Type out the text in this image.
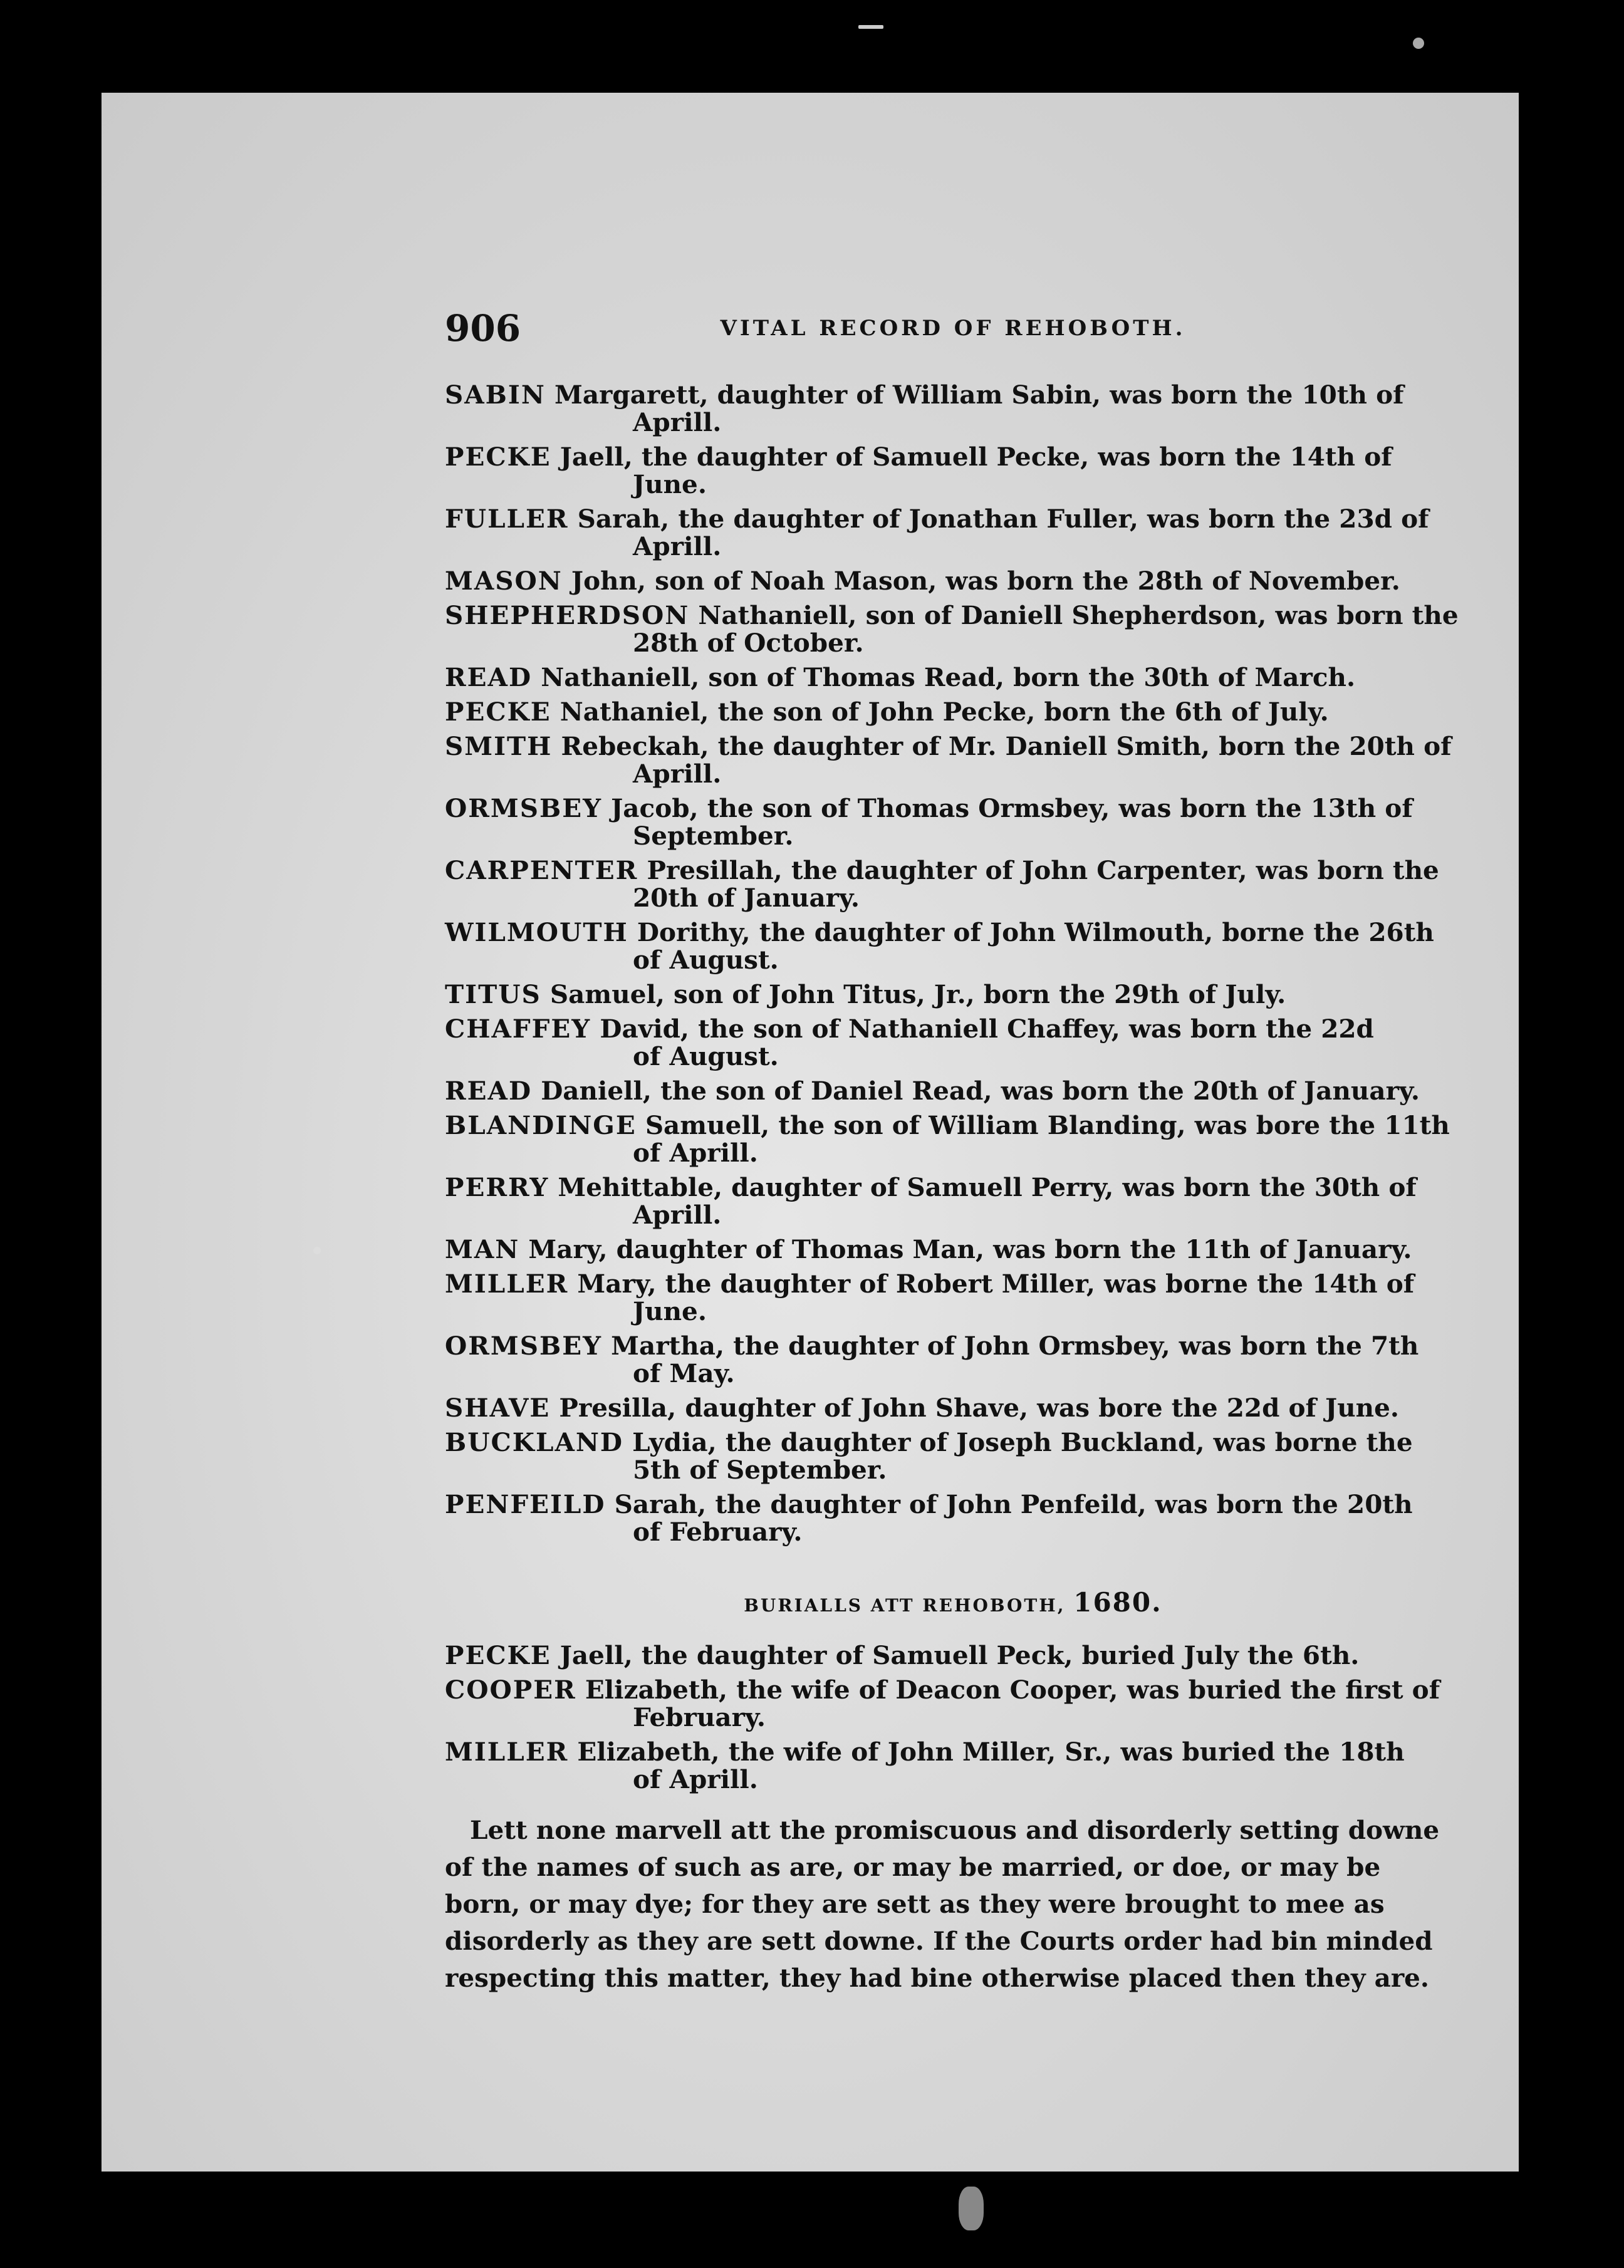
906	VITAL RECORD OF REHOBOTH.
SABIN Margarett, daughter of William Sabin, was born the 10th of
Aprill.
PECKE Jaell, the daughter of Samuell Pecke, was born the 14th of
June.
FULLER Sarah, the daughter of Jonathan Fuller, was born the 23d of
Aprill.
MASON John, son of Noah Mason, was born the 28th of November.
SHEPHERDSON Nathaniell, son of Daniell Shepherdson, was born the
28th of October.
READ Nathaniell, son of Thomas Read, born the 30th of March.
PECKE Nathaniel, the son of John Pecke, born the 6th of July.
SMITH Rebeckah, the daughter of Mr. Daniell Smith, born the 20th of
Aprill.
ORMSBEY Jacob, the son of Thomas Ormsbey, was born the 13th of
September.
CARPENTER Presillah, the daughter of John Carpenter, was born the
20th of January.
WILMOUTH Dorithy, the daughter of John Wilmouth, borne the 26th
of August.
TITUS Samuel, son of John Titus, Jr., born the 29th of July.
CHAFFEY David, the son of Nathaniell Chaffey, was born the 22d
of August.
READ Daniell, the son of Daniel Read, was born the 20th of January.
BLANDINGE Samuell, the son of William Blanding, was bore the 11th
of Aprill.
PERRY Mehittable, daughter of Samuell Perry, was born the 30th of
Aprill.
MAN Mary, daughter of Thomas Man, was born the 11th of January.
MILLER Mary, the daughter of Robert Miller, was borne the 14th of
June.
ORMSBEY Martha, the daughter of John Ormsbey, was born the 7th
of May.
SHAVE Presilla, daughter of John Shave, was bore the 22d of June.
BUCKLAND Lydia, the daughter of Joseph Buckland, was borne the
5th of September.
PENFEILD Sarah, the daughter of John Penfeild, was born the 20th
of February.
BURIALLS ATT REHOBOTH, 1680.
PECKE Jaell, the daughter of Samuell Peck, buried July the 6th.
COOPER Elizabeth, the wife of Deacon Cooper, was buried the first of
February.
MILLER Elizabeth, the wife of John Miller, Sr., was buried the 18th
of Aprill.
Lett none marvell att the promiscuous and disorderly setting downe
of the names of such as are, or may be married, or doe, or may be
born, or may dye; for they are sett as they were brought to mee as
disorderly as they are sett downe. If the Courts order had bin minded
respecting this matter, they had bine otherwise placed then they are.
